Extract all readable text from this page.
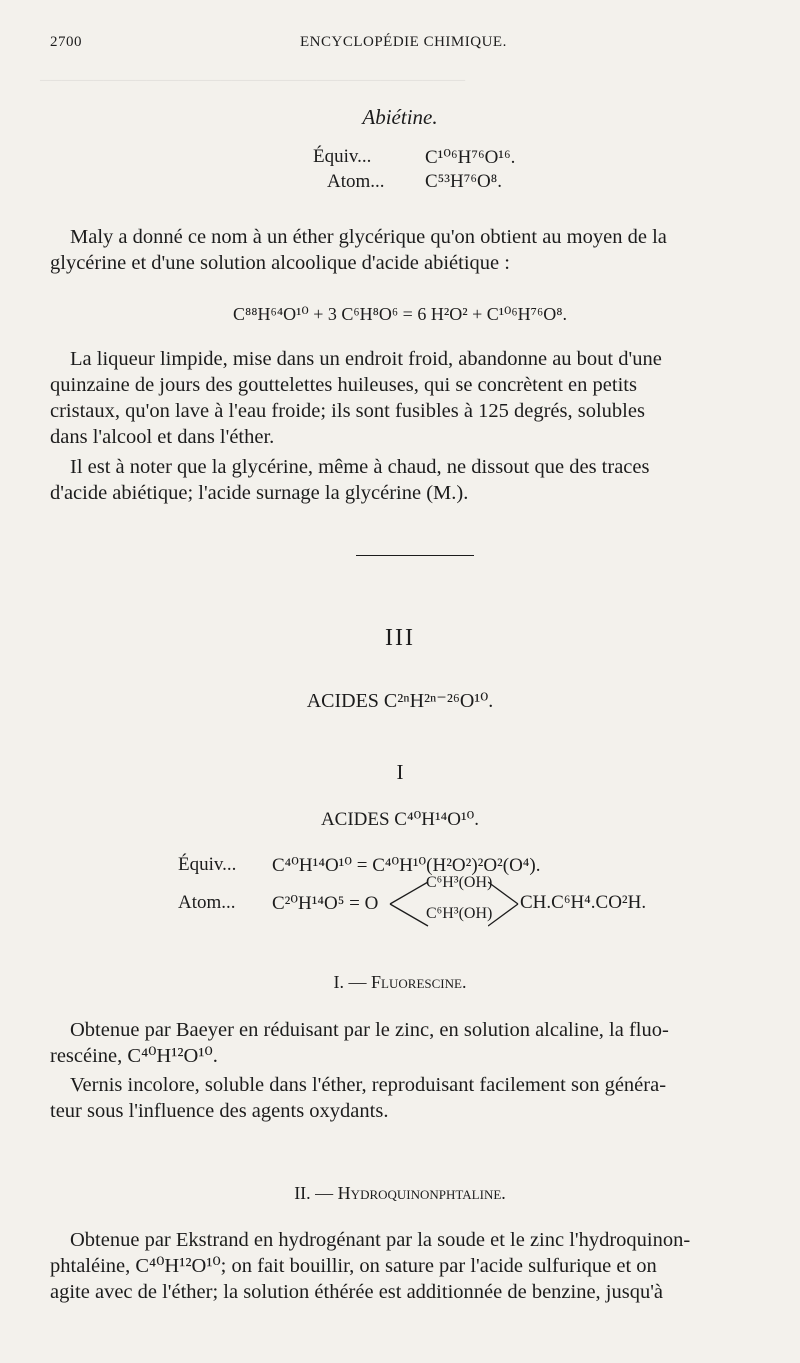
────────────────────────────────────────
2700	ENCYCLOPÉDIE CHIMIQUE.
Abiétine.
Équiv...	C¹⁰⁶H⁷⁶O¹⁶.
Atom... C⁵³H⁷⁶O⁸.
Maly a donné ce nom à un éther glycérique qu'on obtient au moyen de la
glycérine et d'une solution alcoolique d'acide abiétique :
C⁸⁸H⁶⁴O¹⁰ + 3 C⁶H⁸O⁶ = 6 H²O² + C¹⁰⁶H⁷⁶O⁸.
La liqueur limpide, mise dans un endroit froid, abandonne au bout d'une
quinzaine de jours des gouttelettes huileuses, qui se concrètent en petits
cristaux, qu'on lave à l'eau froide; ils sont fusibles à 125 degrés, solubles
dans l'alcool et dans l'éther.
Il est à noter que la glycérine, même à chaud, ne dissout que des traces
d'acide abiétique; l'acide surnage la glycérine (M.).
III
ACIDES C²ⁿH²ⁿ⁻²⁶O¹⁰.
I
ACIDES C⁴⁰H¹⁴O¹⁰.
Équiv... C⁴⁰H¹⁴O¹⁰ = C⁴⁰H¹⁰(H²O²)²O²(O⁴).
Atom... C²⁰H¹⁴O⁵ = O
C⁶H³(OH)
C⁶H³(OH)
CH.C⁶H⁴.CO²H.
I. — Fluorescine.
Obtenue par Baeyer en réduisant par le zinc, en solution alcaline, la fluo-
rescéine, C⁴⁰H¹²O¹⁰.
Vernis incolore, soluble dans l'éther, reproduisant facilement son généra-
teur sous l'influence des agents oxydants.
II. — Hydroquinonphtaline.
Obtenue par Ekstrand en hydrogénant par la soude et le zinc l'hydroquinon-
phtaléine, C⁴⁰H¹²O¹⁰; on fait bouillir, on sature par l'acide sulfurique et on
agite avec de l'éther; la solution éthérée est additionnée de benzine, jusqu'à
